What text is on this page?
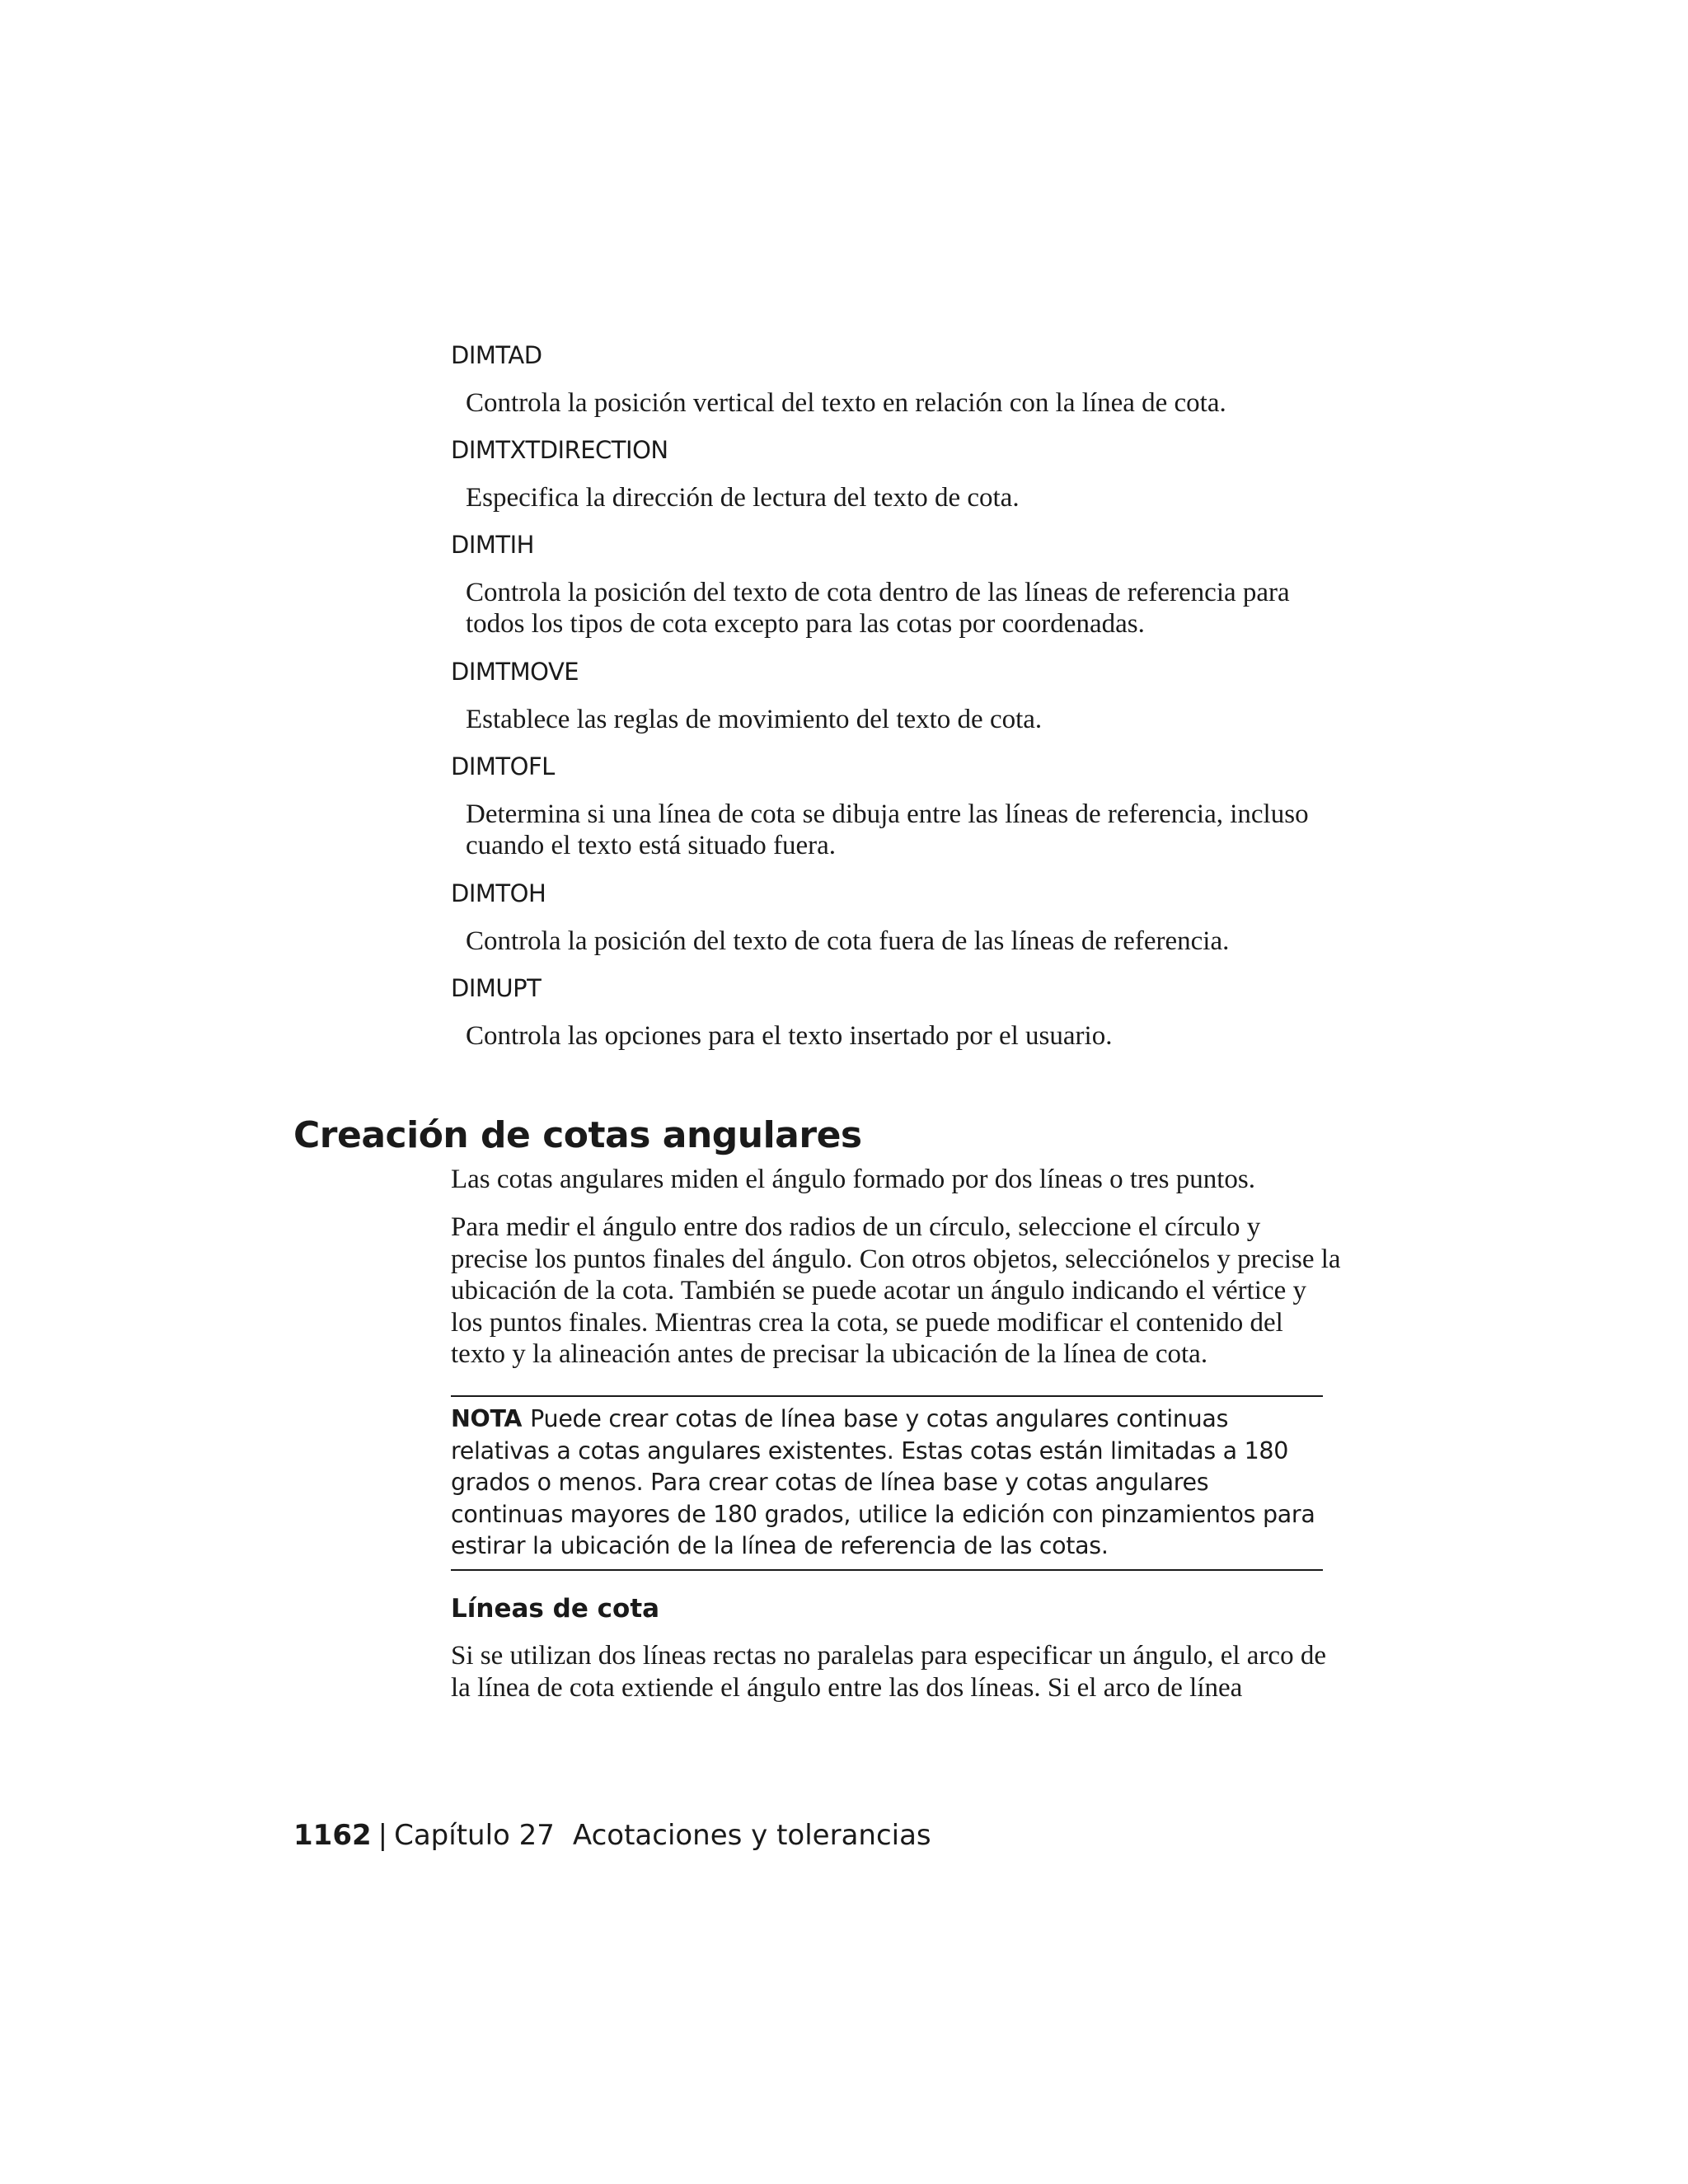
DIMTAD
Controla la posición vertical del texto en relación con la línea de cota.
DIMTXTDIRECTION
Especifica la dirección de lectura del texto de cota.
DIMTIH
Controla la posición del texto de cota dentro de las líneas de referencia para todos los tipos de cota excepto para las cotas por coordenadas.
DIMTMOVE
Establece las reglas de movimiento del texto de cota.
DIMTOFL
Determina si una línea de cota se dibuja entre las líneas de referencia, incluso cuando el texto está situado fuera.
DIMTOH
Controla la posición del texto de cota fuera de las líneas de referencia.
DIMUPT
Controla las opciones para el texto insertado por el usuario.
Creación de cotas angulares
Las cotas angulares miden el ángulo formado por dos líneas o tres puntos.
Para medir el ángulo entre dos radios de un círculo, seleccione el círculo y precise los puntos finales del ángulo. Con otros objetos, selecciónelos y precise la ubicación de la cota. También se puede acotar un ángulo indicando el vértice y los puntos finales. Mientras crea la cota, se puede modificar el contenido del texto y la alineación antes de precisar la ubicación de la línea de cota.
NOTA Puede crear cotas de línea base y cotas angulares continuas relativas a cotas angulares existentes. Estas cotas están limitadas a 180 grados o menos. Para crear cotas de línea base y cotas angulares continuas mayores de 180 grados, utilice la edición con pinzamientos para estirar la ubicación de la línea de referencia de las cotas.
Líneas de cota
Si se utilizan dos líneas rectas no paralelas para especificar un ángulo, el arco de la línea de cota extiende el ángulo entre las dos líneas. Si el arco de línea
1162 | Capítulo 27 Acotaciones y tolerancias
